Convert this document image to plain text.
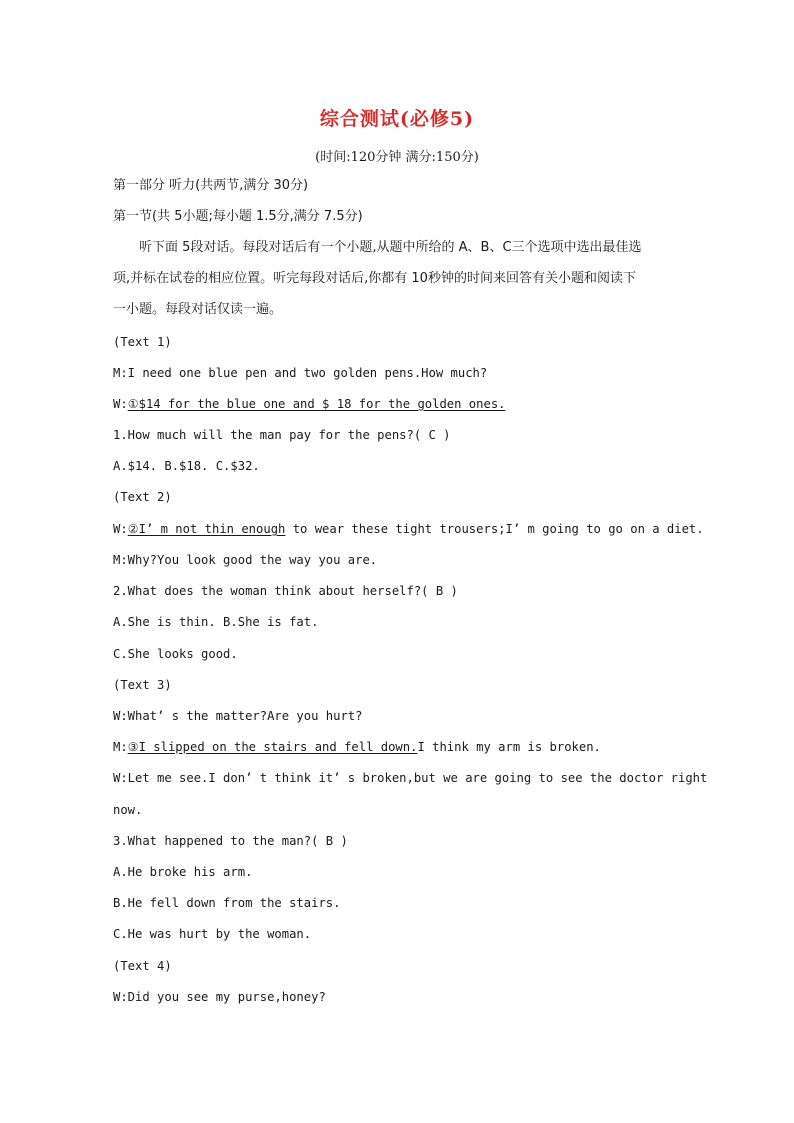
综合测试(必修5)
(时间:120分钟 满分:150分)
第一部分 听力(共两节,满分 30分)
第一节(共 5小题;每小题 1.5分,满分 7.5分)
听下面 5段对话。每段对话后有一个小题,从题中所给的 A、B、C三个选项中选出最佳选
项,并标在试卷的相应位置。听完每段对话后,你都有 10秒钟的时间来回答有关小题和阅读下
一小题。每段对话仅读一遍。
(Text 1)
M:I need one blue pen and two golden pens.How much?
W:①$14 for the blue one and $ 18 for the golden ones.
1.How much will the man pay for the pens?( C )
A.$14. B.$18. C.$32.
(Text 2)
W:②I’ m not thin enough to wear these tight trousers;I’ m going to go on a diet.
M:Why?You look good the way you are.
2.What does the woman think about herself?( B )
A.She is thin. B.She is fat.
C.She looks good.
(Text 3)
W:What’ s the matter?Are you hurt?
M:③I slipped on the stairs and fell down.I think my arm is broken.
W:Let me see.I don’ t think it’ s broken,but we are going to see the doctor right
now.
3.What happened to the man?( B )
A.He broke his arm.
B.He fell down from the stairs.
C.He was hurt by the woman.
(Text 4)
W:Did you see my purse,honey?
